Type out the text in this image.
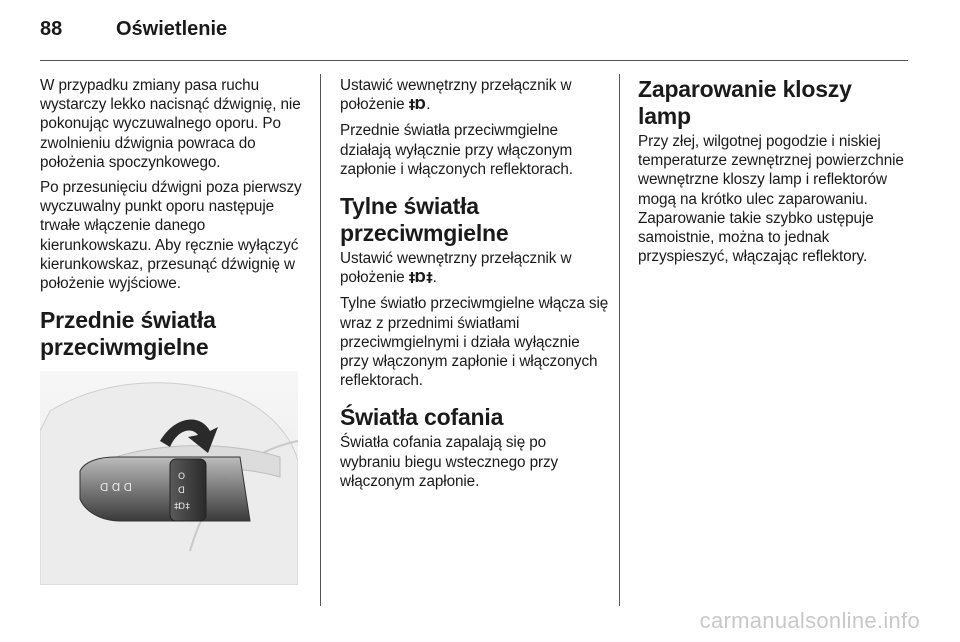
88	Oświetlenie

W przypadku zmiany pasa ruchu wystarczy lekko nacisnąć dźwignię, nie pokonując wyczuwalnego oporu. Po zwolnieniu dźwignia powraca do położenia spoczynkowego.

Po przesunięciu dźwigni poza pierwszy wyczuwalny punkt oporu następuje trwałe włączenie danego kierunkowskazu. Aby ręcznie wyłączyć kierunkowskaz, przesunąć dźwignię w położenie wyjściowe.

Przednie światła przeciwmgielne
ᗡ Ɑ ᗡ
O
ᗡ
‡Ɒ‡
◦◦

Ustawić wewnętrzny przełącznik w położenie ‡Ɒ.

Przednie światła przeciwmgielne działają wyłącznie przy włączonym zapłonie i włączonych reflektorach.

Tylne światła przeciwmgielne

Ustawić wewnętrzny przełącznik w położenie ‡Ɒ‡.

Tylne światło przeciwmgielne włącza się wraz z przednimi światłami przeciwmgielnymi i działa wyłącznie przy włączonym zapłonie i włączonych reflektorach.

Światła cofania

Światła cofania zapalają się po wybraniu biegu wstecznego przy włączonym zapłonie.

Zaparowanie kloszy lamp

Przy złej, wilgotnej pogodzie i niskiej temperaturze zewnętrznej powierzchnie wewnętrzne kloszy lamp i reflektorów mogą na krótko ulec zaparowaniu. Zaparowanie takie szybko ustępuje samoistnie, można to jednak przyspieszyć, włączając reflektory.

carmanualsonline.info
